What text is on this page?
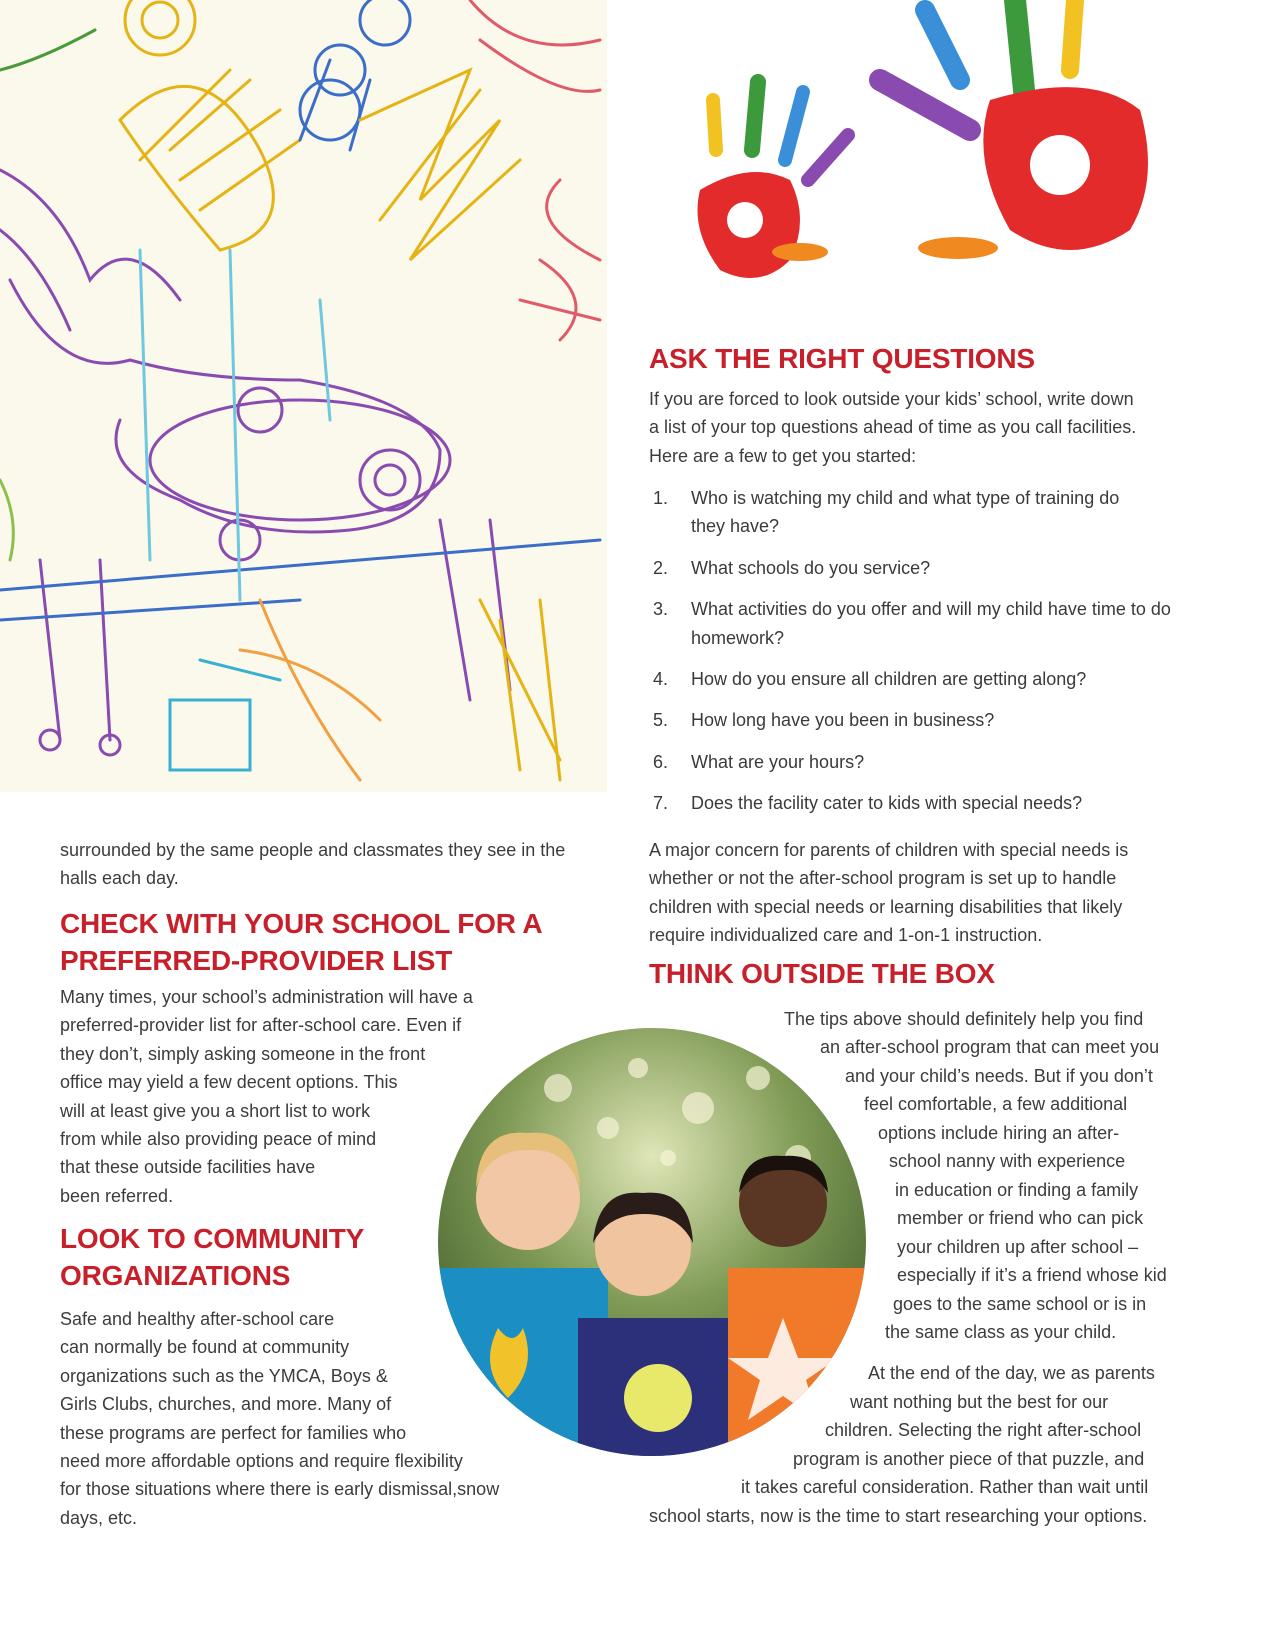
ASK THE RIGHT QUESTIONS
If you are forced to look outside your kids’ school, write down
a list of your top questions ahead of time as you call facilities.
Here are a few to get you started:
1. Who is watching my child and what type of training do they have?
2. What schools do you service?
3. What activities do you offer and will my child have time to do homework?
4. How do you ensure all children are getting along?
5. How long have you been in business?
6. What are your hours?
7. Does the facility cater to kids with special needs?
A major concern for parents of children with special needs is
whether or not the after-school program is set up to handle
children with special needs or learning disabilities that likely
require individualized care and 1-on-1 instruction.
surrounded by the same people and classmates they see in the
halls each day.
CHECK WITH YOUR SCHOOL FOR A
PREFERRED-PROVIDER LIST
Many times, your school’s administration will have a
preferred-provider list for after-school care. Even if
they don’t, simply asking someone in the front
office may yield a few decent options. This
will at least give you a short list to work
from while also providing peace of mind
that these outside facilities have
been referred.
LOOK TO COMMUNITY
ORGANIZATIONS
Safe and healthy after-school care
can normally be found at community
organizations such as the YMCA, Boys &
Girls Clubs, churches, and more. Many of
these programs are perfect for families who
need more affordable options and require flexibility
for those situations where there is early dismissal,snow
days, etc.
THINK OUTSIDE THE BOX
The tips above should definitely help you find
an after-school program that can meet you
and your child’s needs. But if you don’t
feel comfortable, a few additional
options include hiring an after-
school nanny with experience
in education or finding a family
member or friend who can pick
your children up after school –
especially if it’s a friend whose kid
goes to the same school or is in
the same class as your child.
At the end of the day, we as parents
want nothing but the best for our
children. Selecting the right after-school
program is another piece of that puzzle, and
it takes careful consideration. Rather than wait until
school starts, now is the time to start researching your options.
